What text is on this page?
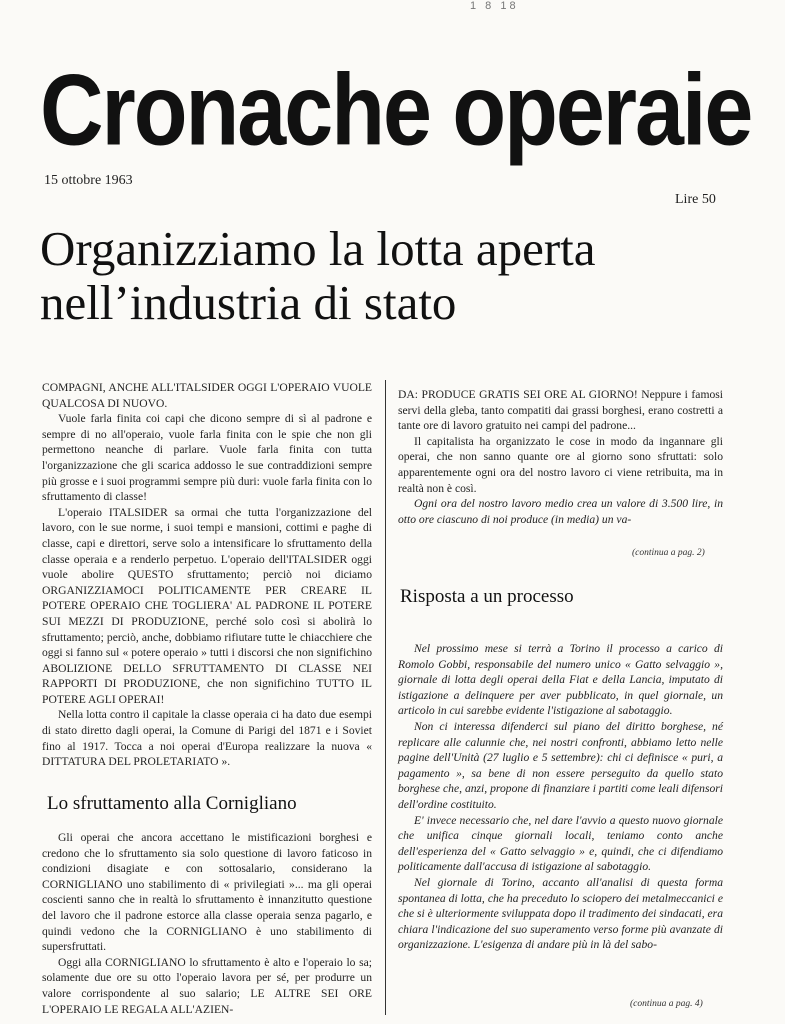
1 8 18
Cronache operaie
15 ottobre 1963
Lire 50
Organizziamo la lotta aperta nell’industria di stato

COMPAGNI, ANCHE ALL'ITALSIDER OGGI L'OPERAIO VUOLE QUALCOSA DI NUOVO.

Vuole farla finita coi capi che dicono sempre di sì al padrone e sempre di no all'operaio, vuole farla finita con le spie che non gli permettono neanche di parlare. Vuole farla finita con tutta l'organizzazione che gli scarica addosso le sue contraddizioni sempre più grosse e i suoi programmi sempre più duri: vuole farla finita con lo sfruttamento di classe!

L'operaio ITALSIDER sa ormai che tutta l'organizzazione del lavoro, con le sue norme, i suoi tempi e mansioni, cottimi e paghe di classe, capi e direttori, serve solo a intensificare lo sfruttamento della classe operaia e a renderlo perpetuo. L'operaio dell'ITALSIDER oggi vuole abolire QUESTO sfruttamento; perciò noi diciamo ORGANIZZIAMOCI POLITICAMENTE PER CREARE IL POTERE OPERAIO CHE TOGLIERA' AL PADRONE IL POTERE SUI MEZZI DI PRODUZIONE, perché solo così si abolirà lo sfruttamento; perciò, anche, dobbiamo rifiutare tutte le chiacchiere che oggi si fanno sul « potere operaio » tutti i discorsi che non significhino ABOLIZIONE DELLO SFRUTTAMENTO DI CLASSE NEI RAPPORTI DI PRODUZIONE, che non significhino TUTTO IL POTERE AGLI OPERAI!

Nella lotta contro il capitale la classe operaia ci ha dato due esempi di stato diretto dagli operai, la Comune di Parigi del 1871 e i Soviet fino al 1917. Tocca a noi operai d'Europa realizzare la nuova « DITTATURA DEL PROLETARIATO ».

Lo sfruttamento alla Cornigliano

Gli operai che ancora accettano le mistificazioni borghesi e credono che lo sfruttamento sia solo questione di lavoro faticoso in condizioni disagiate e con sottosalario, considerano la CORNIGLIANO uno stabilimento di « privilegiati »... ma gli operai coscienti sanno che in realtà lo sfruttamento è innanzitutto questione del lavoro che il padrone estorce alla classe operaia senza pagarlo, e quindi vedono che la CORNIGLIANO è uno stabilimento di supersfruttati.

Oggi alla CORNIGLIANO lo sfruttamento è alto e l'operaio lo sa; solamente due ore su otto l'operaio lavora per sé, per produrre un valore corrispondente al suo salario; LE ALTRE SEI ORE L'OPERAIO LE REGALA ALL'AZIEN-

DA: PRODUCE GRATIS SEI ORE AL GIORNO! Neppure i famosi servi della gleba, tanto compatiti dai grassi borghesi, erano costretti a tante ore di lavoro gratuito nei campi del padrone...

Il capitalista ha organizzato le cose in modo da ingannare gli operai, che non sanno quante ore al giorno sono sfruttati: solo apparentemente ogni ora del nostro lavoro ci viene retribuita, ma in realtà non è così.

Ogni ora del nostro lavoro medio crea un valore di 3.500 lire, in otto ore ciascuno di noi produce (in media) un va-

(continua a pag. 2)
Risposta a un processo

Nel prossimo mese si terrà a Torino il processo a carico di Romolo Gobbi, responsabile del numero unico « Gatto selvaggio », giornale di lotta degli operai della Fiat e della Lancia, imputato di istigazione a delinquere per aver pubblicato, in quel giornale, un articolo in cui sarebbe evidente l'istigazione al sabotaggio.

Non ci interessa difenderci sul piano del diritto borghese, né replicare alle calunnie che, nei nostri confronti, abbiamo letto nelle pagine dell'Unità (27 luglio e 5 settembre): chi ci definisce « puri, a pagamento », sa bene di non essere perseguito da quello stato borghese che, anzi, propone di finanziare i partiti come leali difensori dell'ordine costituito.

E' invece necessario che, nel dare l'avvio a questo nuovo giornale che unifica cinque giornali locali, teniamo conto anche dell'esperienza del « Gatto selvaggio » e, quindi, che ci difendiamo politicamente dall'accusa di istigazione al sabotaggio.

Nel giornale di Torino, accanto all'analisi di questa forma spontanea di lotta, che ha preceduto lo sciopero dei metalmeccanici e che si è ulteriormente sviluppata dopo il tradimento dei sindacati, era chiara l'indicazione del suo superamento verso forme più avanzate di organizzazione. L'esigenza di andare più in là del sabo-

(continua a pag. 4)
